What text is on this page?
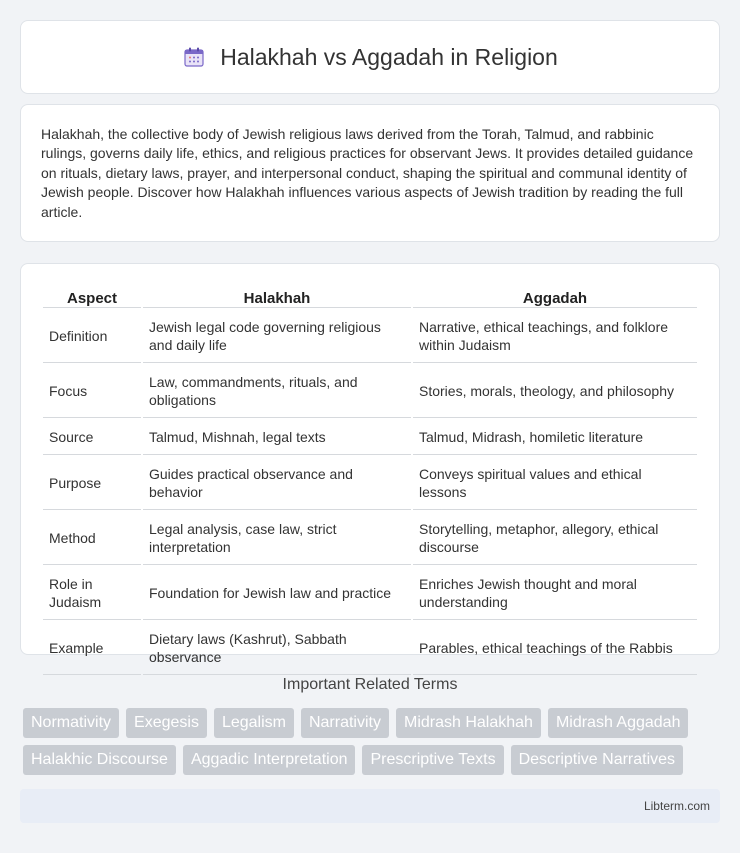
Halakhah vs Aggadah in Religion

Halakhah, the collective body of Jewish religious laws derived from the Torah, Talmud, and rabbinic rulings, governs daily life, ethics, and religious practices for observant Jews. It provides detailed guidance on rituals, dietary laws, prayer, and interpersonal conduct, shaping the spiritual and communal identity of Jewish people. Discover how Halakhah influences various aspects of Jewish tradition by reading the full article.

Aspect	Halakhah	Aggadah
Definition	Jewish legal code governing religious and daily life	Narrative, ethical teachings, and folklore within Judaism
Focus	Law, commandments, rituals, and obligations	Stories, morals, theology, and philosophy
Source	Talmud, Mishnah, legal texts	Talmud, Midrash, homiletic literature
Purpose	Guides practical observance and behavior	Conveys spiritual values and ethical lessons
Method	Legal analysis, case law, strict interpretation	Storytelling, metaphor, allegory, ethical discourse
Role in Judaism	Foundation for Jewish law and practice	Enriches Jewish thought and moral understanding
Example	Dietary laws (Kashrut), Sabbath observance	Parables, ethical teachings of the Rabbis
Important Related Terms
Normativity	Exegesis	Legalism	Narrativity	Midrash Halakhah	Midrash Aggadah
Halakhic Discourse	Aggadic Interpretation	Prescriptive Texts	Descriptive Narratives
Libterm.com
